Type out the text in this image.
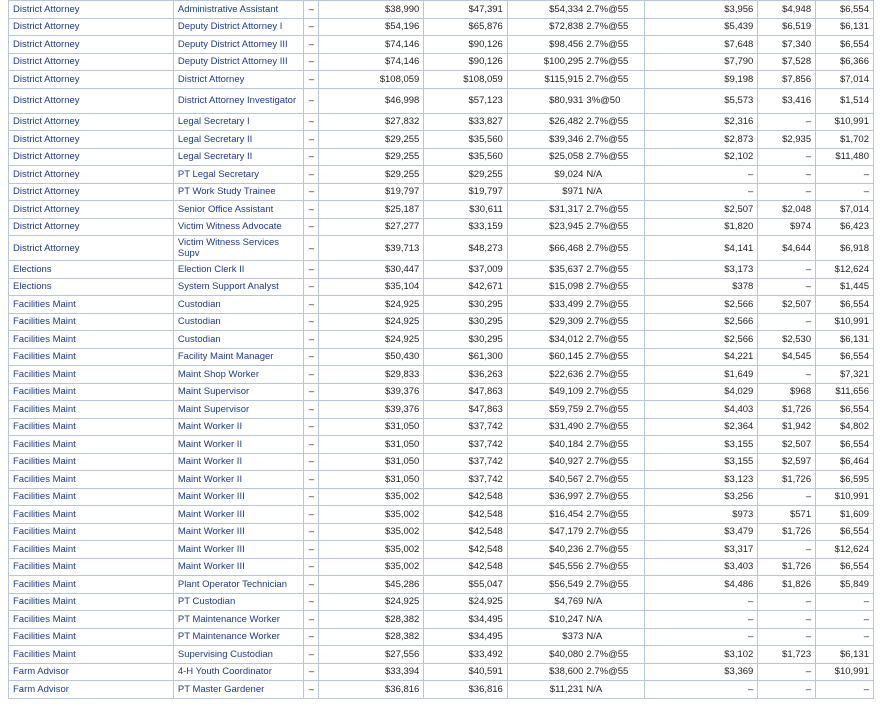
District Attorney	Administrative Assistant	–	$38,990	$47,391	$54,334	2.7%@55	$3,956	$4,948	$6,554
District Attorney	Deputy District Attorney I	–	$54,196	$65,876	$72,838	2.7%@55	$5,439	$6,519	$6,131
District Attorney	Deputy District Attorney III	–	$74,146	$90,126	$98,456	2.7%@55	$7,648	$7,340	$6,554
District Attorney	Deputy District Attorney III	–	$74,146	$90,126	$100,295	2.7%@55	$7,790	$7,528	$6,366
District Attorney	District Attorney	–	$108,059	$108,059	$115,915	2.7%@55	$9,198	$7,856	$7,014
District Attorney	District Attorney Investigator	–	$46,998	$57,123	$80,931	3%@50	$5,573	$3,416	$1,514
District Attorney	Legal Secretary I	–	$27,832	$33,827	$26,482	2.7%@55	$2,316	–	$10,991
District Attorney	Legal Secretary II	–	$29,255	$35,560	$39,346	2.7%@55	$2,873	$2,935	$1,702
District Attorney	Legal Secretary II	–	$29,255	$35,560	$25,058	2.7%@55	$2,102	–	$11,480
District Attorney	PT Legal Secretary	–	$29,255	$29,255	$9,024	N/A	–	–	–
District Attorney	PT Work Study Trainee	–	$19,797	$19,797	$971	N/A	–	–	–
District Attorney	Senior Office Assistant	–	$25,187	$30,611	$31,317	2.7%@55	$2,507	$2,048	$7,014
District Attorney	Victim Witness Advocate	–	$27,277	$33,159	$23,945	2.7%@55	$1,820	$974	$6,423
District Attorney	Victim Witness Services Supv	–	$39,713	$48,273	$66,468	2.7%@55	$4,141	$4,644	$6,918
Elections	Election Clerk II	–	$30,447	$37,009	$35,637	2.7%@55	$3,173	–	$12,624
Elections	System Support Analyst	–	$35,104	$42,671	$15,098	2.7%@55	$378	–	$1,445
Facilities Maint	Custodian	–	$24,925	$30,295	$33,499	2.7%@55	$2,566	$2,507	$6,554
Facilities Maint	Custodian	–	$24,925	$30,295	$29,309	2.7%@55	$2,566	–	$10,991
Facilities Maint	Custodian	–	$24,925	$30,295	$34,012	2.7%@55	$2,566	$2,530	$6,131
Facilities Maint	Facility Maint Manager	–	$50,430	$61,300	$60,145	2.7%@55	$4,221	$4,545	$6,554
Facilities Maint	Maint Shop Worker	–	$29,833	$36,263	$22,636	2.7%@55	$1,649	–	$7,321
Facilities Maint	Maint Supervisor	–	$39,376	$47,863	$49,109	2.7%@55	$4,029	$968	$11,656
Facilities Maint	Maint Supervisor	–	$39,376	$47,863	$59,759	2.7%@55	$4,403	$1,726	$6,554
Facilities Maint	Maint Worker II	–	$31,050	$37,742	$31,490	2.7%@55	$2,364	$1,942	$4,802
Facilities Maint	Maint Worker II	–	$31,050	$37,742	$40,184	2.7%@55	$3,155	$2,507	$6,554
Facilities Maint	Maint Worker II	–	$31,050	$37,742	$40,927	2.7%@55	$3,155	$2,597	$6,464
Facilities Maint	Maint Worker II	–	$31,050	$37,742	$40,567	2.7%@55	$3,123	$1,726	$6,595
Facilities Maint	Maint Worker III	–	$35,002	$42,548	$36,997	2.7%@55	$3,256	–	$10,991
Facilities Maint	Maint Worker III	–	$35,002	$42,548	$16,454	2.7%@55	$973	$571	$1,609
Facilities Maint	Maint Worker III	–	$35,002	$42,548	$47,179	2.7%@55	$3,479	$1,726	$6,554
Facilities Maint	Maint Worker III	–	$35,002	$42,548	$40,236	2.7%@55	$3,317	–	$12,624
Facilities Maint	Maint Worker III	–	$35,002	$42,548	$45,556	2.7%@55	$3,403	$1,726	$6,554
Facilities Maint	Plant Operator Technician	–	$45,286	$55,047	$56,549	2.7%@55	$4,486	$1,826	$5,849
Facilities Maint	PT Custodian	–	$24,925	$24,925	$4,769	N/A	–	–	–
Facilities Maint	PT Maintenance Worker	–	$28,382	$34,495	$10,247	N/A	–	–	–
Facilities Maint	PT Maintenance Worker	–	$28,382	$34,495	$373	N/A	–	–	–
Facilities Maint	Supervising Custodian	–	$27,556	$33,492	$40,080	2.7%@55	$3,102	$1,723	$6,131
Farm Advisor	4-H Youth Coordinator	–	$33,394	$40,591	$38,600	2.7%@55	$3,369	–	$10,991
Farm Advisor	PT Master Gardener	–	$36,816	$36,816	$11,231	N/A	–	–	–
